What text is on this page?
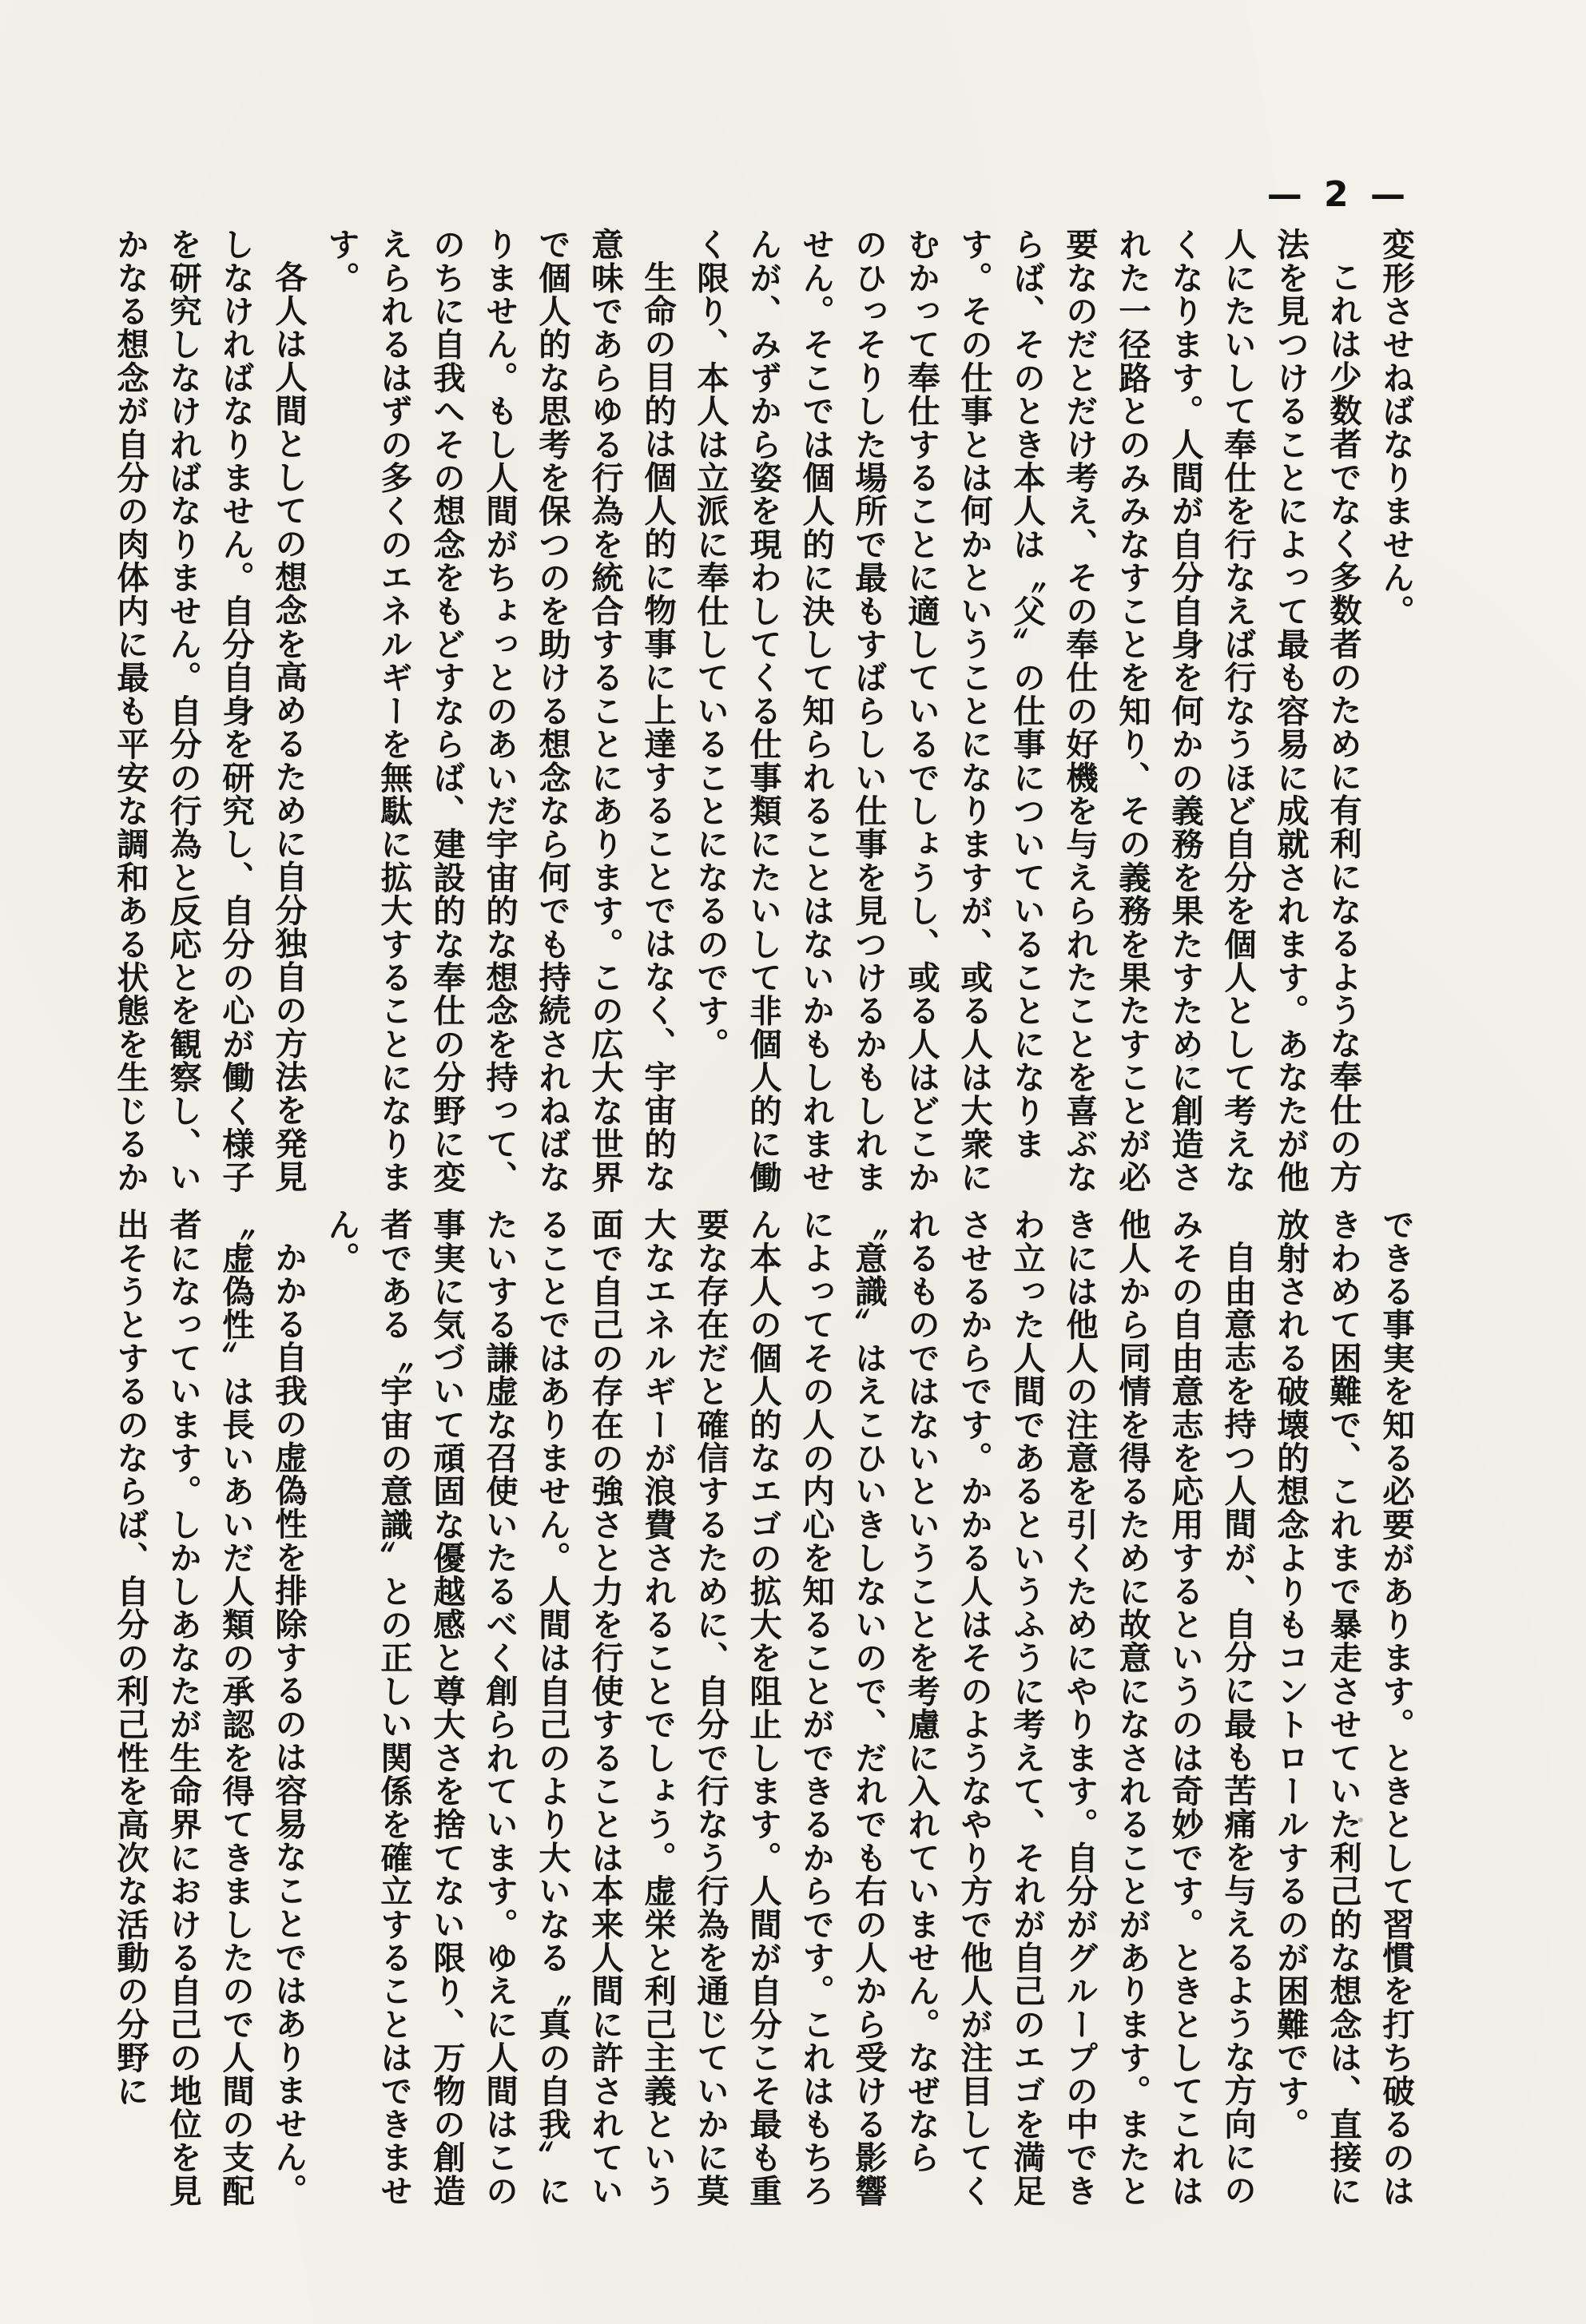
— 2 —

変形させねばなりません。

これは少数者でなく多数者のために有利になるような奉仕の方法を見つけることによって最も容易に成就されます。あなたが他人にたいして奉仕を行なえば行なうほど自分を個人として考えなくなります。人間が自分自身を何かの義務を果たすために創造された一径路とのみみなすことを知り、その義務を果たすことが必要なのだとだけ考え、その奉仕の好機を与えられたことを喜ぶならば、そのとき本人は〝父〟の仕事についていることになります。その仕事とは何かということになりますが、或る人は大衆にむかって奉仕することに適しているでしょうし、或る人はどこかのひっそりした場所で最もすばらしい仕事を見つけるかもしれません。そこでは個人的に決して知られることはないかもしれませんが、みずから姿を現わしてくる仕事類にたいして非個人的に働く限り、本人は立派に奉仕していることになるのです。

生命の目的は個人的に物事に上達することではなく、宇宙的な意味であらゆる行為を統合することにあります。この広大な世界で個人的な思考を保つのを助ける想念なら何でも持続されねばなりません。もし人間がちょっとのあいだ宇宙的な想念を持って、のちに自我へその想念をもどすならば、建設的な奉仕の分野に変えられるはずの多くのエネルギーを無駄に拡大することになります。

各人は人間としての想念を高めるために自分独自の方法を発見しなければなりません。自分自身を研究し、自分の心が働く様子を研究しなければなりません。自分の行為と反応とを観察し、いかなる想念が自分の肉体内に最も平安な調和ある状態を生じるか

できる事実を知る必要があります。ときとして習慣を打ち破るのはきわめて困難で、これまで暴走させていた利己的な想念は、直接に放射される破壊的想念よりもコントロールするのが困難です。

自由意志を持つ人間が、自分に最も苦痛を与えるような方向にのみその自由意志を応用するというのは奇妙です。ときとしてこれは他人から同情を得るために故意になされることがあります。またときには他人の注意を引くためにやります。自分がグループの中できわ立った人間であるというふうに考えて、それが自己のエゴを満足させるからです。かかる人はそのようなやり方で他人が注目してくれるものではないということを考慮に入れていません。なぜなら〝意識〟はえこひいきしないので、だれでも右の人から受ける影響によってその人の内心を知ることができるからです。これはもちろん本人の個人的なエゴの拡大を阻止します。人間が自分こそ最も重要な存在だと確信するために、自分で行なう行為を通じていかに莫大なエネルギーが浪費されることでしょう。虚栄と利己主義という面で自己の存在の強さと力を行使することは本来人間に許されていることではありません。人間は自己のより大いなる〝真の自我〟にたいする謙虚な召使いたるべく創られています。ゆえに人間はこの事実に気づいて頑固な優越感と尊大さを捨てない限り、万物の創造者である〝宇宙の意識〟との正しい関係を確立することはできません。

かかる自我の虚偽性を排除するのは容易なことではありません。〝虚偽性〟は長いあいだ人類の承認を得てきましたので人間の支配者になっています。しかしあなたが生命界における自己の地位を見出そうとするのならば、自分の利己性を高次な活動の分野に
